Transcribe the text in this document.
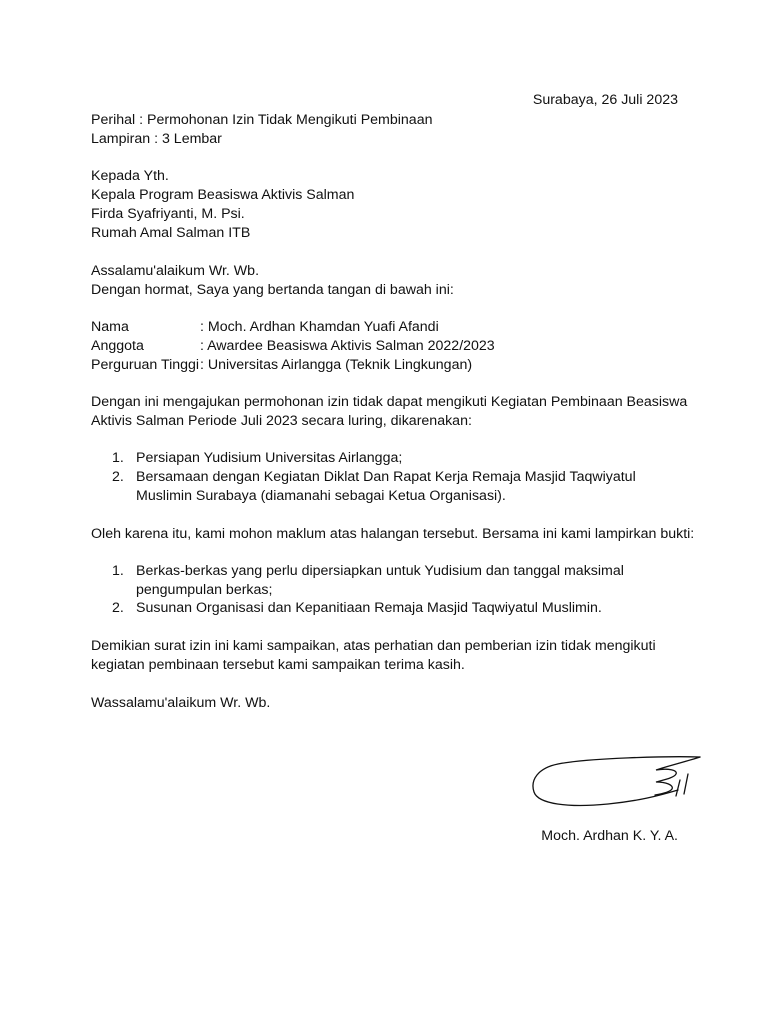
Surabaya, 26 Juli 2023
Perihal : Permohonan Izin Tidak Mengikuti Pembinaan
Lampiran : 3 Lembar
Kepada Yth.
Kepala Program Beasiswa Aktivis Salman
Firda Syafriyanti, M. Psi.
Rumah Amal Salman ITB
Assalamu'alaikum Wr. Wb.
Dengan hormat, Saya yang bertanda tangan di bawah ini:
Nama	: Moch. Ardhan Khamdan Yuafi Afandi
Anggota	: Awardee Beasiswa Aktivis Salman 2022/2023
Perguruan Tinggi : Universitas Airlangga (Teknik Lingkungan)
Dengan ini mengajukan permohonan izin tidak dapat mengikuti Kegiatan Pembinaan Beasiswa
Aktivis Salman Periode Juli 2023 secara luring, dikarenakan:
1. Persiapan Yudisium Universitas Airlangga;
2. Bersamaan dengan Kegiatan Diklat Dan Rapat Kerja Remaja Masjid Taqwiyatul
Muslimin Surabaya (diamanahi sebagai Ketua Organisasi).
Oleh karena itu, kami mohon maklum atas halangan tersebut. Bersama ini kami lampirkan bukti:
1. Berkas-berkas yang perlu dipersiapkan untuk Yudisium dan tanggal maksimal
pengumpulan berkas;
2. Susunan Organisasi dan Kepanitiaan Remaja Masjid Taqwiyatul Muslimin.
Demikian surat izin ini kami sampaikan, atas perhatian dan pemberian izin tidak mengikuti
kegiatan pembinaan tersebut kami sampaikan terima kasih.
Wassalamu'alaikum Wr. Wb.
Moch. Ardhan K. Y. A.
